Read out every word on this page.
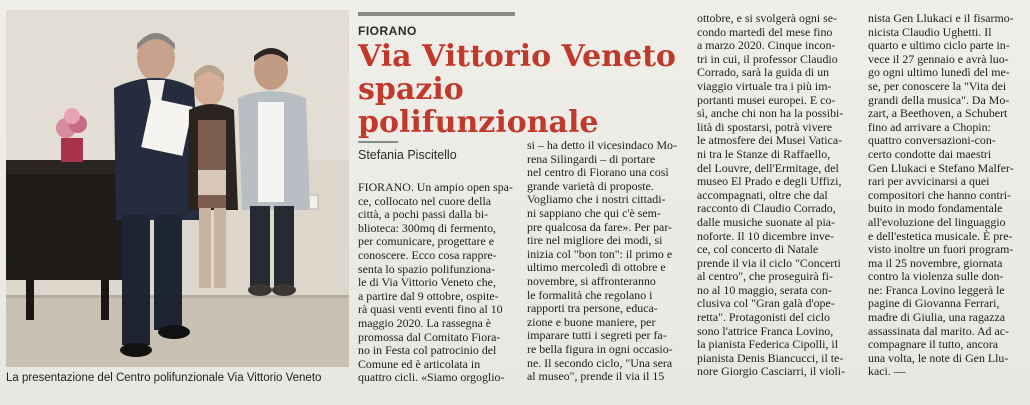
La presentazione del Centro polifunzionale Via Vittorio Veneto
FIORANO
Via Vittorio Veneto
spazio polifunzionale
Stefania Piscitello
FIORANO. Un ampio open spa-
ce, collocato nel cuore della
città, a pochi passi dalla bi-
blioteca: 300mq di fermento,
per comunicare, progettare e
conoscere. Ecco cosa rappre-
senta lo spazio polifunziona-
le di Via Vittorio Veneto che,
a partire dal 9 ottobre, ospite-
rà quasi venti eventi fino al 10
maggio 2020. La rassegna è
promossa dal Comitato Fiora-
no in Festa col patrocinio del
Comune ed è articolata in
quattro cicli. «Siamo orgoglio-
si – ha detto il vicesindaco Mo-
rena Silingardi – di portare
nel centro di Fiorano una così
grande varietà di proposte.
Vogliamo che i nostri cittadi-
ni sappiano che qui c'è sem-
pre qualcosa da fare». Per par-
tire nel migliore dei modi, si
inizia col "bon ton": il primo e
ultimo mercoledì di ottobre e
novembre, si affronteranno
le formalità che regolano i
rapporti tra persone, educa-
zione e buone maniere, per
imparare tutti i segreti per fa-
re bella figura in ogni occasio-
ne. Il secondo ciclo, "Una sera
al museo", prende il via il 15
ottobre, e si svolgerà ogni se-
condo martedì del mese fino
a marzo 2020. Cinque incon-
tri in cui, il professor Claudio
Corrado, sarà la guida di un
viaggio virtuale tra i più im-
portanti musei europei. E co-
sì, anche chi non ha la possibi-
lità di spostarsi, potrà vivere
le atmosfere dei Musei Vatica-
ni tra le Stanze di Raffaello,
del Louvre, dell'Ermitage, del
museo El Prado e degli Uffizi,
accompagnati, oltre che dal
racconto di Claudio Corrado,
dalle musiche suonate al pia-
noforte. Il 10 dicembre inve-
ce, col concerto di Natale
prende il via il ciclo "Concerti
al centro", che proseguirà fi-
no al 10 maggio, serata con-
clusiva col "Gran galà d'ope-
retta". Protagonisti del ciclo
sono l'attrice Franca Lovino,
la pianista Federica Cipolli, il
pianista Denis Biancucci, il te-
nore Giorgio Casciarri, il violi-
nista Gen Llukaci e il fisarmo-
nicista Claudio Ughetti. Il
quarto e ultimo ciclo parte in-
vece il 27 gennaio e avrà luo-
go ogni ultimo lunedì del me-
se, per conoscere la "Vita dei
grandi della musica". Da Mo-
zart, a Beethoven, a Schubert
fino ad arrivare a Chopin:
quattro conversazioni-con-
certo condotte dai maestri
Gen Llukaci e Stefano Malfer-
rari per avvicinarsi a quei
compositori che hanno contri-
buito in modo fondamentale
all'evoluzione del linguaggio
e dell'estetica musicale. È pre-
visto inoltre un fuori program-
ma il 25 novembre, giornata
contro la violenza sulle don-
ne: Franca Lovino leggerà le
pagine di Giovanna Ferrari,
madre di Giulia, una ragazza
assassinata dal marito. Ad ac-
compagnare il tutto, ancora
una volta, le note di Gen Llu-
kaci. —
